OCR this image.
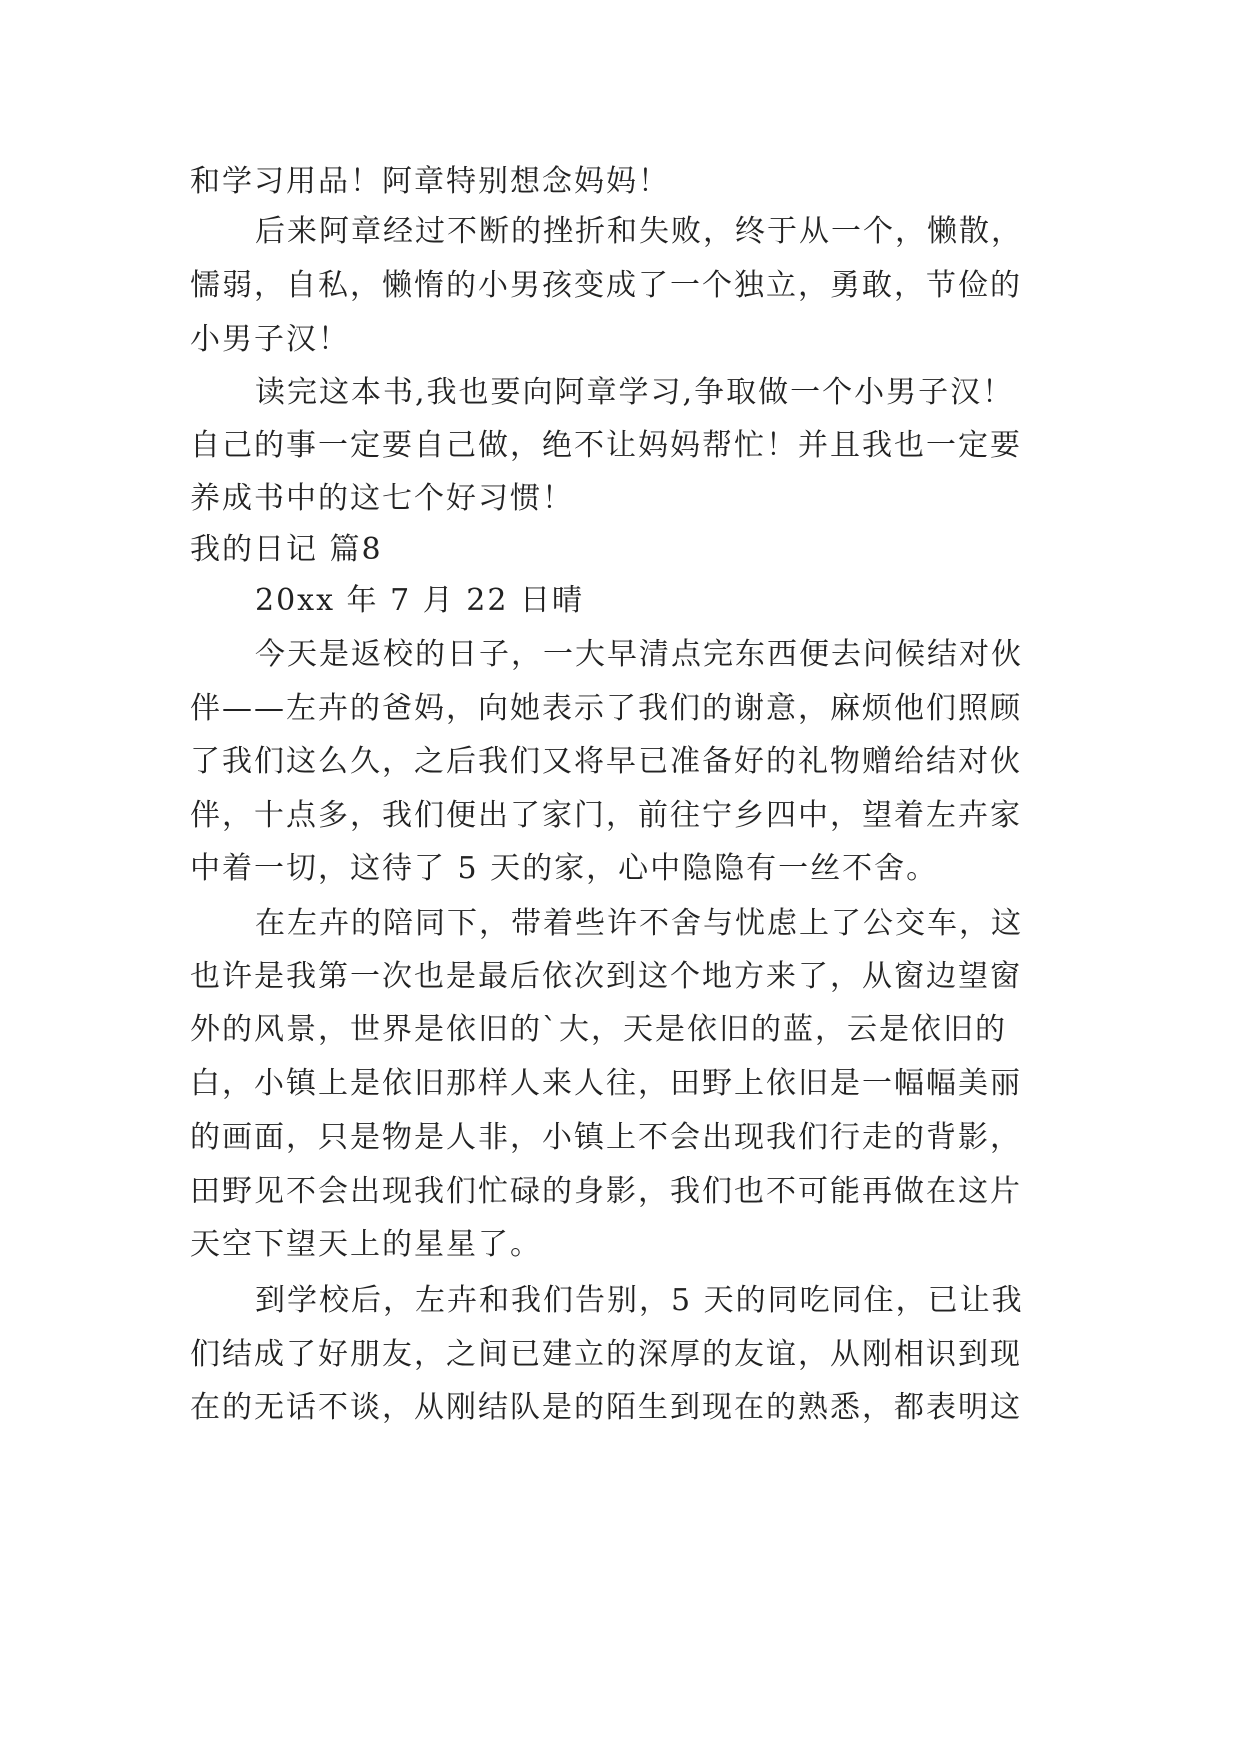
和学习用品！阿章特别想念妈妈！
后来阿章经过不断的挫折和失败，终于从一个，懒散，
懦弱，自私，懒惰的小男孩变成了一个独立，勇敢，节俭的
小男子汉！
读完这本书,我也要向阿章学习,争取做一个小男子汉！
自己的事一定要自己做，绝不让妈妈帮忙！并且我也一定要
养成书中的这七个好习惯！
我的日记 篇8
20xx 年 7 月 22 日晴
今天是返校的日子，一大早清点完东西便去问候结对伙
伴——左卉的爸妈，向她表示了我们的谢意，麻烦他们照顾
了我们这么久，之后我们又将早已准备好的礼物赠给结对伙
伴，十点多，我们便出了家门，前往宁乡四中，望着左卉家
中着一切，这待了 5 天的家，心中隐隐有一丝不舍。
在左卉的陪同下，带着些许不舍与忧虑上了公交车，这
也许是我第一次也是最后依次到这个地方来了，从窗边望窗
外的风景，世界是依旧的`大，天是依旧的蓝，云是依旧的
白，小镇上是依旧那样人来人往，田野上依旧是一幅幅美丽
的画面，只是物是人非，小镇上不会出现我们行走的背影，
田野见不会出现我们忙碌的身影，我们也不可能再做在这片
天空下望天上的星星了。
到学校后，左卉和我们告别，5 天的同吃同住，已让我
们结成了好朋友，之间已建立的深厚的友谊，从刚相识到现
在的无话不谈，从刚结队是的陌生到现在的熟悉，都表明这
